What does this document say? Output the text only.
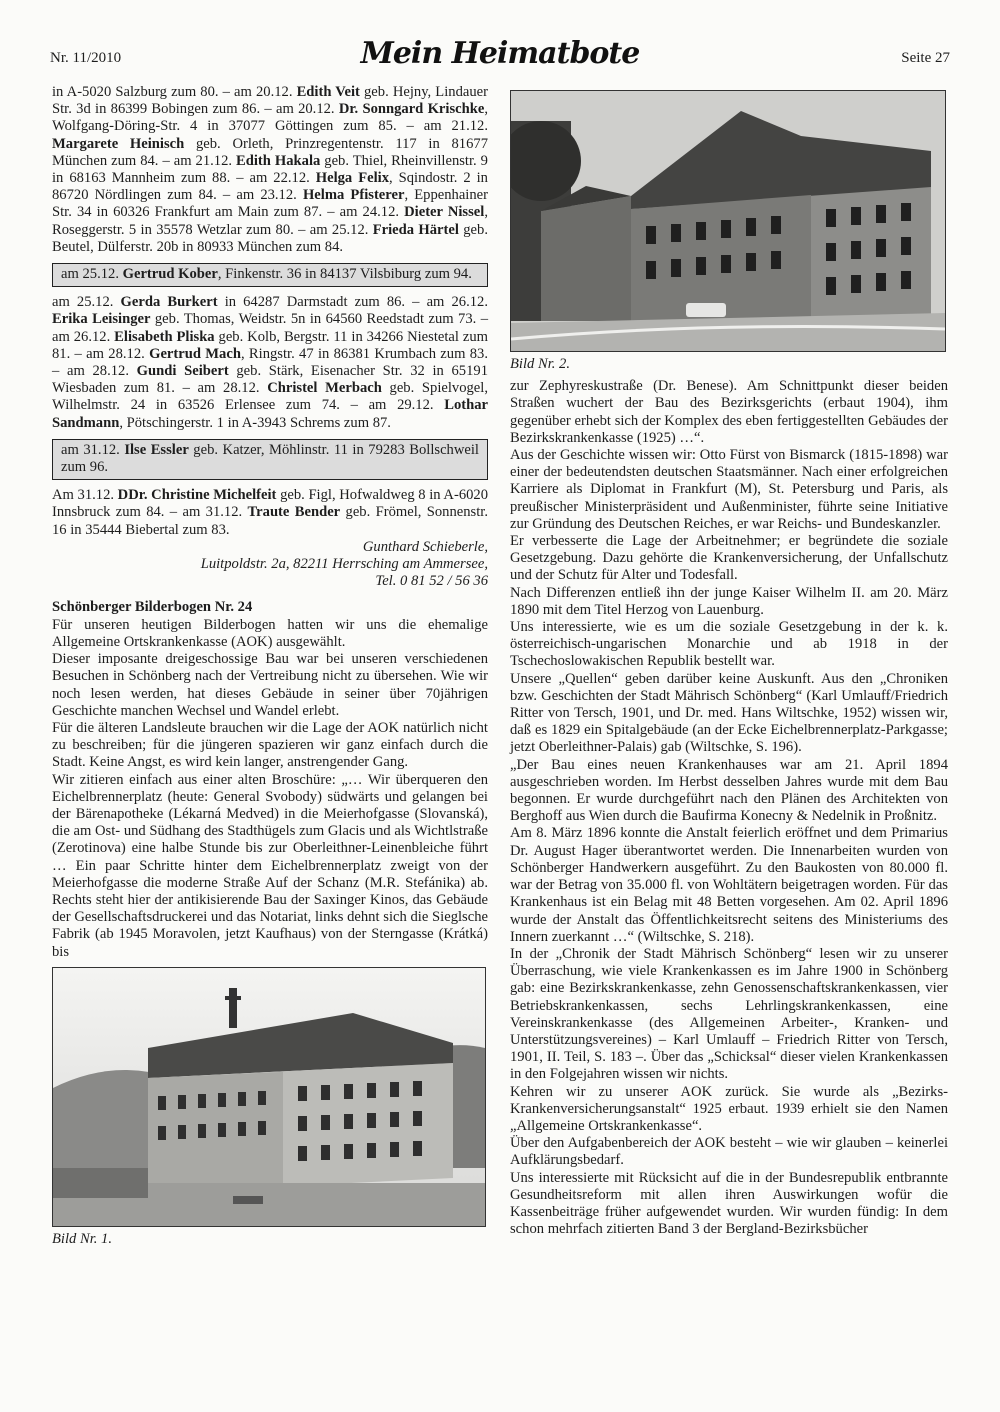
Nr. 11/2010	Mein Heimatbote	Seite 27

in A-5020 Salzburg zum 80. – am 20.12. Edith Veit geb. Hejny, Lindauer Str. 3d in 86399 Bobingen zum 86. – am 20.12. Dr. Sonngard Krischke, Wolfgang-Döring-Str. 4 in 37077 Göttingen zum 85. – am 21.12. Margarete Heinisch geb. Orleth, Prinzregentenstr. 117 in 81677 München zum 84. – am 21.12. Edith Hakala geb. Thiel, Rheinvillenstr. 9 in 68163 Mannheim zum 88. – am 22.12. Helga Felix, Sqindostr. 2 in 86720 Nördlingen zum 84. – am 23.12. Helma Pfisterer, Eppenhainer Str. 34 in 60326 Frankfurt am Main zum 87. – am 24.12. Dieter Nissel, Roseggerstr. 5 in 35578 Wetzlar zum 80. – am 25.12. Frieda Härtel geb. Beutel, Dülferstr. 20b in 80933 München zum 84.

am 25.12. Gertrud Kober, Finkenstr. 36 in 84137 Vilsbiburg zum 94.

am 25.12. Gerda Burkert in 64287 Darmstadt zum 86. – am 26.12. Erika Leisinger geb. Thomas, Weidstr. 5n in 64560 Reedstadt zum 73. – am 26.12. Elisabeth Pliska geb. Kolb, Bergstr. 11 in 34266 Niestetal zum 81. – am 28.12. Gertrud Mach, Ringstr. 47 in 86381 Krumbach zum 83. – am 28.12. Gundi Seibert geb. Stärk, Eisenacher Str. 32 in 65191 Wiesbaden zum 81. – am 28.12. Christel Merbach geb. Spielvogel, Wilhelmstr. 24 in 63526 Erlensee zum 74. – am 29.12. Lothar Sandmann, Pötschingerstr. 1 in A-3943 Schrems zum 87.

am 31.12. Ilse Essler geb. Katzer, Möhlinstr. 11 in 79283 Bollschweil zum 96.

Am 31.12. DDr. Christine Michelfeit geb. Figl, Hofwaldweg 8 in A-6020 Innsbruck zum 84. – am 31.12. Traute Bender geb. Frömel, Sonnenstr. 16 in 35444 Biebertal zum 83.

Gunthard Schieberle,

Luitpoldstr. 2a, 82211 Herrsching am Ammersee,

Tel. 0 81 52 / 56 36

Schönberger Bilderbogen Nr. 24

Für unseren heutigen Bilderbogen hatten wir uns die ehemalige Allgemeine Ortskrankenkasse (AOK) ausgewählt.

Dieser imposante dreigeschossige Bau war bei unseren verschiedenen Besuchen in Schönberg nach der Vertreibung nicht zu übersehen. Wie wir noch lesen werden, hat dieses Gebäude in seiner über 70jährigen Geschichte manchen Wechsel und Wandel erlebt.

Für die älteren Landsleute brauchen wir die Lage der AOK natürlich nicht zu beschreiben; für die jüngeren spazieren wir ganz einfach durch die Stadt. Keine Angst, es wird kein langer, anstrengender Gang.

Wir zitieren einfach aus einer alten Broschüre: „… Wir überqueren den Eichelbrennerplatz (heute: General Svobody) südwärts und gelangen bei der Bärenapotheke (Lékarná Medved) in die Meierhofgasse (Slovanská), die am Ost- und Südhang des Stadthügels zum Glacis und als Wichtlstraße (Zerotinova) eine halbe Stunde bis zur Oberleithner-Leinenbleiche führt … Ein paar Schritte hinter dem Eichelbrennerplatz zweigt von der Meierhofgasse die moderne Straße Auf der Schanz (M.R. Stefánika) ab. Rechts steht hier der antikisierende Bau der Saxinger Kinos, das Gebäude der Gesellschaftsdruckerei und das Notariat, links dehnt sich die Sieglsche Fabrik (ab 1945 Moravolen, jetzt Kaufhaus) von der Sterngasse (Krátká) bis

Bild Nr. 1.
Bild Nr. 2.

zur Zephyreskustraße (Dr. Benese). Am Schnittpunkt dieser beiden Straßen wuchert der Bau des Bezirksgerichts (erbaut 1904), ihm gegenüber erhebt sich der Komplex des eben fertiggestellten Gebäudes der Bezirkskrankenkasse (1925) …“.

Aus der Geschichte wissen wir: Otto Fürst von Bismarck (1815-1898) war einer der bedeutendsten deutschen Staatsmänner. Nach einer erfolgreichen Karriere als Diplomat in Frankfurt (M), St. Petersburg und Paris, als preußischer Ministerpräsident und Außenminister, führte seine Initiative zur Gründung des Deutschen Reiches, er war Reichs- und Bundeskanzler.

Er verbesserte die Lage der Arbeitnehmer; er begründete die soziale Gesetzgebung. Dazu gehörte die Krankenversicherung, der Unfallschutz und der Schutz für Alter und Todesfall.

Nach Differenzen entließ ihn der junge Kaiser Wilhelm II. am 20. März 1890 mit dem Titel Herzog von Lauenburg.

Uns interessierte, wie es um die soziale Gesetzgebung in der k. k. österreichisch-ungarischen Monarchie und ab 1918 in der Tschechoslowakischen Republik bestellt war.

Unsere „Quellen“ geben darüber keine Auskunft. Aus den „Chroniken bzw. Geschichten der Stadt Mährisch Schönberg“ (Karl Umlauff/Friedrich Ritter von Tersch, 1901, und Dr. med. Hans Wiltschke, 1952) wissen wir, daß es 1829 ein Spitalgebäude (an der Ecke Eichelbrennerplatz-Parkgasse; jetzt Oberleithner-Palais) gab (Wiltschke, S. 196).

„Der Bau eines neuen Krankenhauses war am 21. April 1894 ausgeschrieben worden. Im Herbst desselben Jahres wurde mit dem Bau begonnen. Er wurde durchgeführt nach den Plänen des Architekten von Berghoff aus Wien durch die Baufirma Konecny & Nedelnik in Proßnitz.

Am 8. März 1896 konnte die Anstalt feierlich eröffnet und dem Primarius Dr. August Hager überantwortet werden. Die Innenarbeiten wurden von Schönberger Handwerkern ausgeführt. Zu den Baukosten von 80.000 fl. war der Betrag von 35.000 fl. von Wohltätern beigetragen worden. Für das Krankenhaus ist ein Belag mit 48 Betten vorgesehen. Am 02. April 1896 wurde der Anstalt das Öffentlichkeitsrecht seitens des Ministeriums des Innern zuerkannt …“ (Wiltschke, S. 218).

In der „Chronik der Stadt Mährisch Schönberg“ lesen wir zu unserer Überraschung, wie viele Krankenkassen es im Jahre 1900 in Schönberg gab: eine Bezirkskrankenkasse, zehn Genossenschaftskrankenkassen, vier Betriebskrankenkassen, sechs Lehrlingskrankenkassen, eine Vereinskrankenkasse (des Allgemeinen Arbeiter-, Kranken- und Unterstützungsvereines) – Karl Umlauff – Friedrich Ritter von Tersch, 1901, II. Teil, S. 183 –. Über das „Schicksal“ dieser vielen Krankenkassen in den Folgejahren wissen wir nichts.

Kehren wir zu unserer AOK zurück. Sie wurde als „Bezirks-Krankenversicherungsanstalt“ 1925 erbaut. 1939 erhielt sie den Namen „Allgemeine Ortskrankenkasse“.

Über den Aufgabenbereich der AOK besteht – wie wir glauben – keinerlei Aufklärungsbedarf.

Uns interessierte mit Rücksicht auf die in der Bundesrepublik entbrannte Gesundheitsreform mit allen ihren Auswirkungen wofür die Kassenbeiträge früher aufgewendet wurden. Wir wurden fündig: In dem schon mehrfach zitierten Band 3 der Bergland-Bezirksbücher
